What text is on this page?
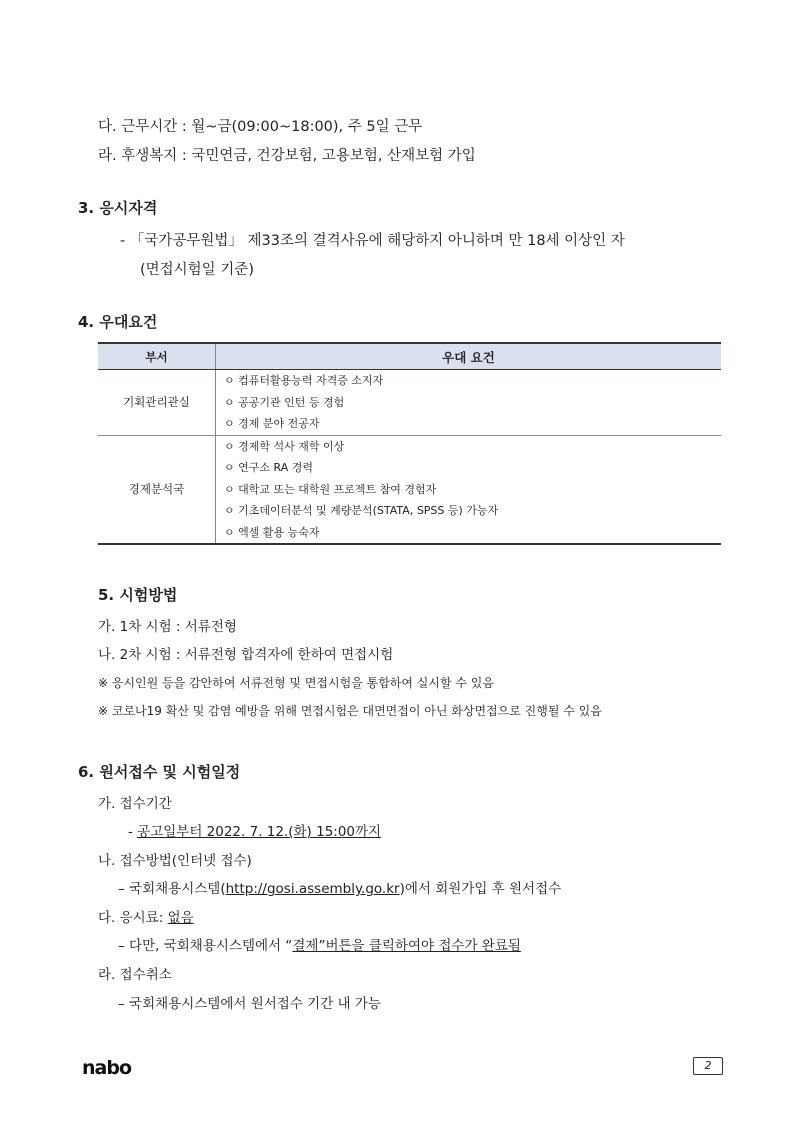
다. 근무시간 : 월~금(09:00~18:00), 주 5일 근무
라. 후생복지 : 국민연금, 건강보험, 고용보험, 산재보험 가입
3. 응시자격
- 「국가공무원법」 제33조의 결격사유에 해당하지 아니하며 만 18세 이상인 자
(면접시험일 기준)
4. 우대요건
부서	우대 요건
기획관리관실	ㅇ 컴퓨터활용능력 자격증 소지자
ㅇ 공공기관 인턴 등 경험
ㅇ 경제 분야 전공자

경제분석국	ㅇ 경제학 석사 재학 이상
ㅇ 연구소 RA 경력
ㅇ 대학교 또는 대학원 프로젝트 참여 경험자
ㅇ 기초데이터분석 및 계량분석(STATA, SPSS 등) 가능자
ㅇ 엑셀 활용 능숙자
5. 시험방법
가. 1차 시험 : 서류전형
나. 2차 시험 : 서류전형 합격자에 한하여 면접시험
※ 응시인원 등을 감안하여 서류전형 및 면접시험을 통합하여 실시할 수 있음
※ 코로나19 확산 및 감염 예방을 위해 면접시험은 대면면접이 아닌 화상면접으로 진행될 수 있음
6. 원서접수 및 시험일정
가. 접수기간
- 공고일부터 2022. 7. 12.(화) 15:00까지
나. 접수방법(인터넷 접수)
– 국회채용시스템(http://gosi.assembly.go.kr)에서 회원가입 후 원서접수
다. 응시료: 없음
– 다만, 국회채용시스템에서 “결제”버튼을 클릭하여야 접수가 완료됨
라. 접수취소
– 국회채용시스템에서 원서접수 기간 내 가능
nabo	2
